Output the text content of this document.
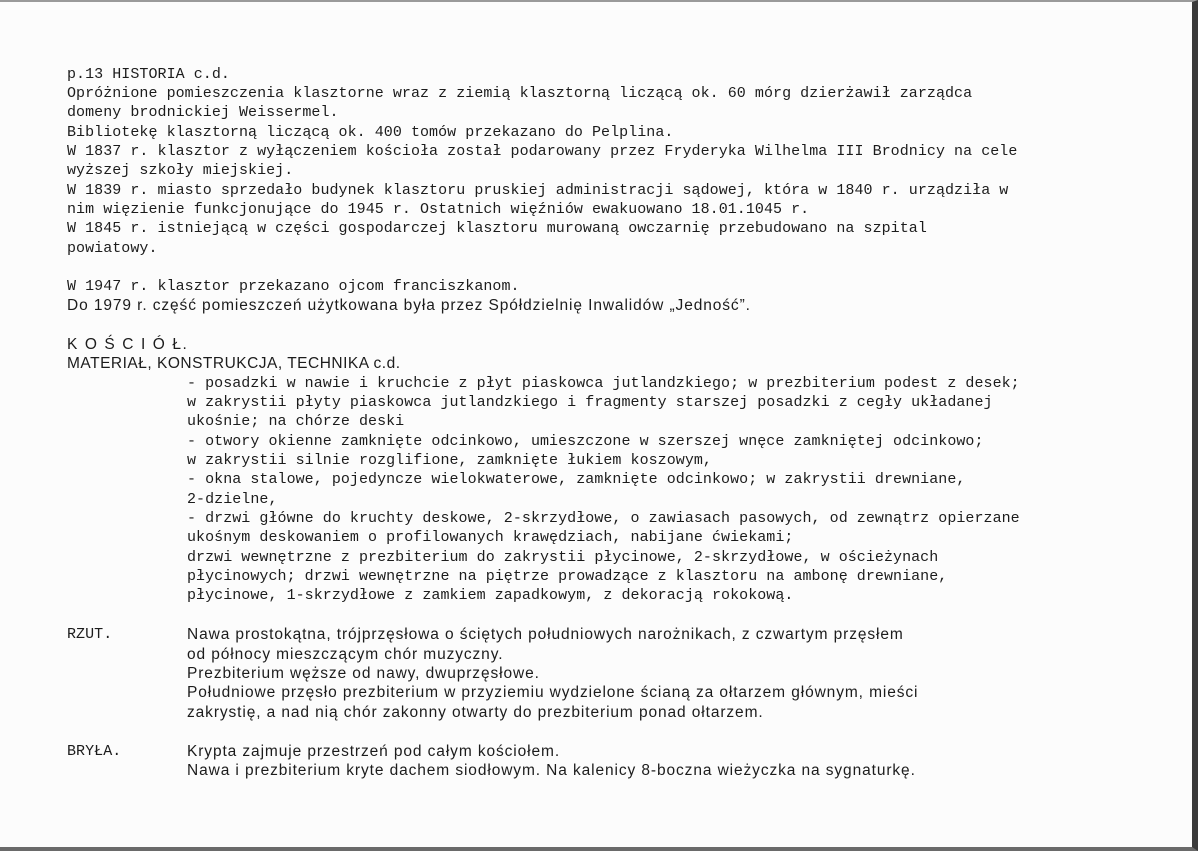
p.13 HISTORIA c.d.
Opróżnione pomieszczenia klasztorne wraz z ziemią klasztorną liczącą ok. 60 mórg dzierżawił zarządca
domeny brodnickiej Weissermel.
Bibliotekę klasztorną liczącą ok. 400 tomów przekazano do Pelplina.
W 1837 r. klasztor z wyłączeniem kościoła został podarowany przez Fryderyka Wilhelma III Brodnicy na cele
wyższej szkoły miejskiej.
W 1839 r. miasto sprzedało budynek klasztoru pruskiej administracji sądowej, która w 1840 r. urządziła w
nim więzienie funkcjonujące do 1945 r. Ostatnich więźniów ewakuowano 18.01.1045 r.
W 1845 r. istniejącą w części gospodarczej klasztoru murowaną owczarnię przebudowano na szpital
powiatowy.
W 1947 r. klasztor przekazano ojcom franciszkanom.
Do 1979 r. część pomieszczeń użytkowana była przez Spółdzielnię Inwalidów „Jedność”.
K O Ś C I Ó Ł.
MATERIAŁ, KONSTRUKCJA, TECHNIKA c.d.
- posadzki w nawie i kruchcie z płyt piaskowca jutlandzkiego; w prezbiterium podest z desek;
w zakrystii płyty piaskowca jutlandzkiego i fragmenty starszej posadzki z cegły układanej
ukośnie; na chórze deski
- otwory okienne zamknięte odcinkowo, umieszczone w szerszej wnęce zamkniętej odcinkowo;
w zakrystii silnie rozglifione, zamknięte łukiem koszowym,
- okna stalowe, pojedyncze wielokwaterowe, zamknięte odcinkowo; w zakrystii drewniane,
2-dzielne,
- drzwi główne do kruchty deskowe, 2-skrzydłowe, o zawiasach pasowych, od zewnątrz opierzane
ukośnym deskowaniem o profilowanych krawędziach, nabijane ćwiekami;
drzwi wewnętrzne z prezbiterium do zakrystii płycinowe, 2-skrzydłowe, w ościeżynach
płycinowych; drzwi wewnętrzne na piętrze prowadzące z klasztoru na ambonę drewniane,
płycinowe, 1-skrzydłowe z zamkiem zapadkowym, z dekoracją rokokową.
RZUT.	Nawa prostokątna, trójprzęsłowa o ściętych południowych narożnikach, z czwartym przęsłem
od północy mieszczącym chór muzyczny.
Prezbiterium węższe od nawy, dwuprzęsłowe.
Południowe przęsło prezbiterium w przyziemiu wydzielone ścianą za ołtarzem głównym, mieści
zakrystię, a nad nią chór zakonny otwarty do prezbiterium ponad ołtarzem.
BRYŁA.	Krypta zajmuje przestrzeń pod całym kościołem.
Nawa i prezbiterium kryte dachem siodłowym. Na kalenicy 8-boczna wieżyczka na sygnaturkę.
